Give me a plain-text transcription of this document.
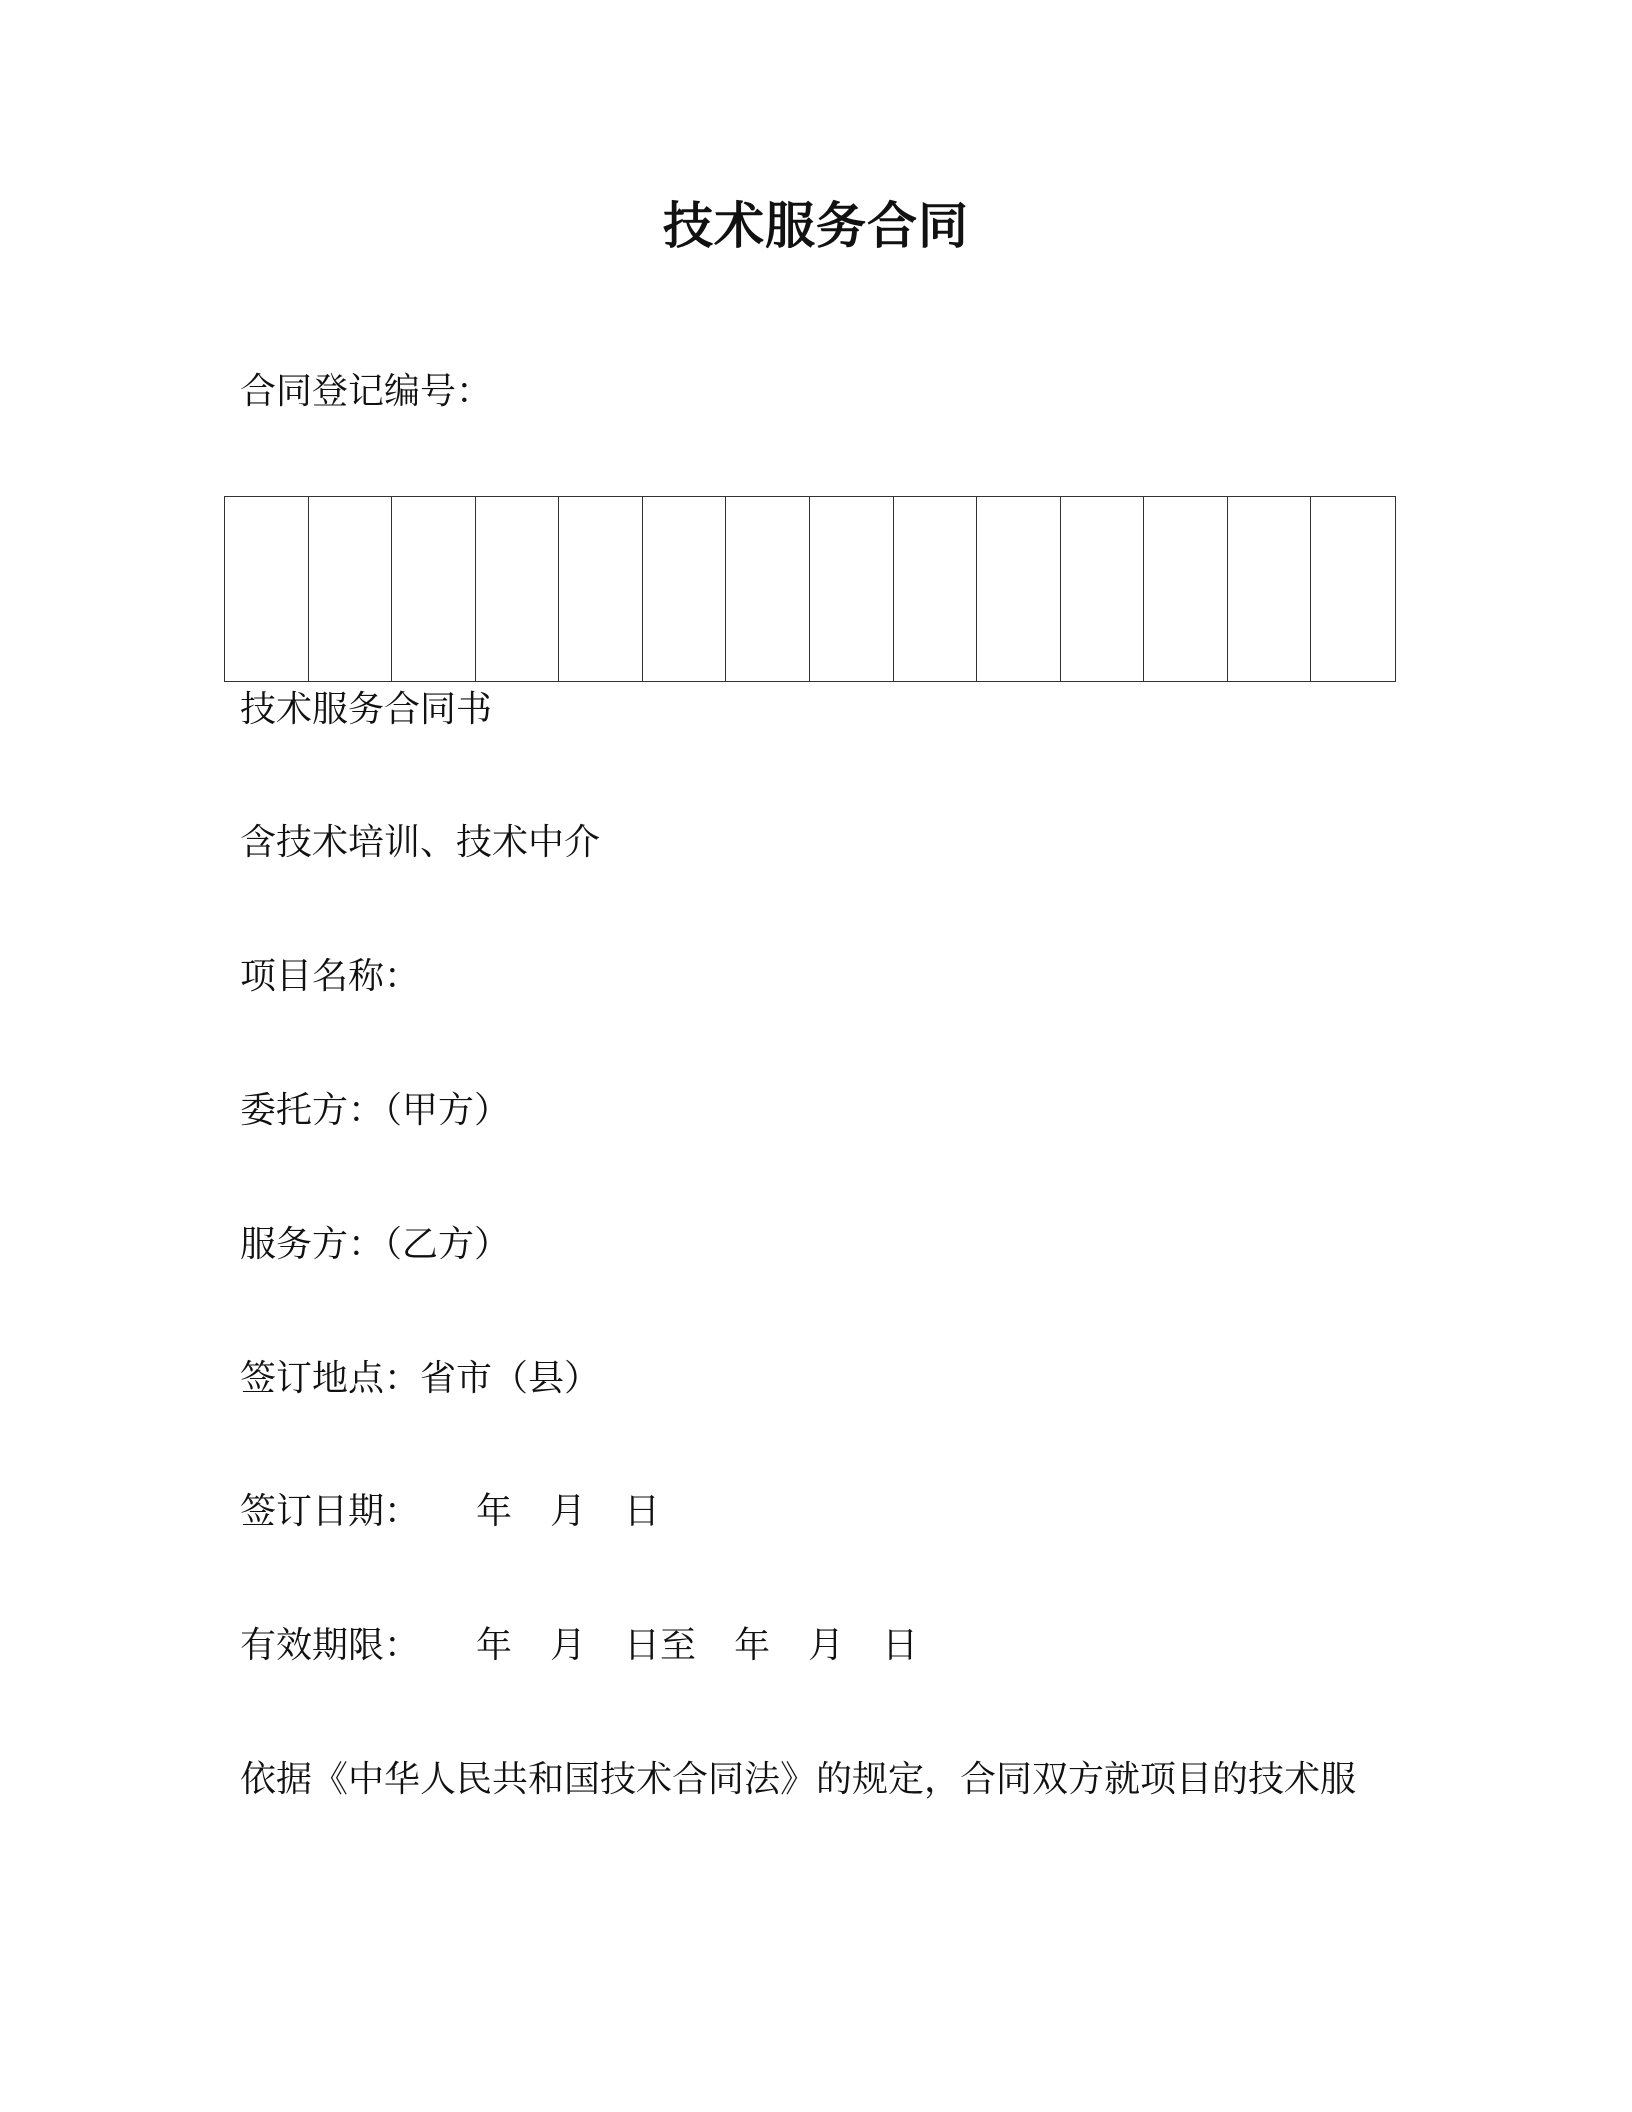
技术服务合同
合同登记编号：
技术服务合同书
含技术培训、技术中介
项目名称：
委托方：（甲方）
服务方：（乙方）
签订地点：省市（县）
签订日期： 年 月 日
有效期限： 年 月 日至 年 月 日
依据《中华人民共和国技术合同法》的规定，合同双方就项目的技术服
